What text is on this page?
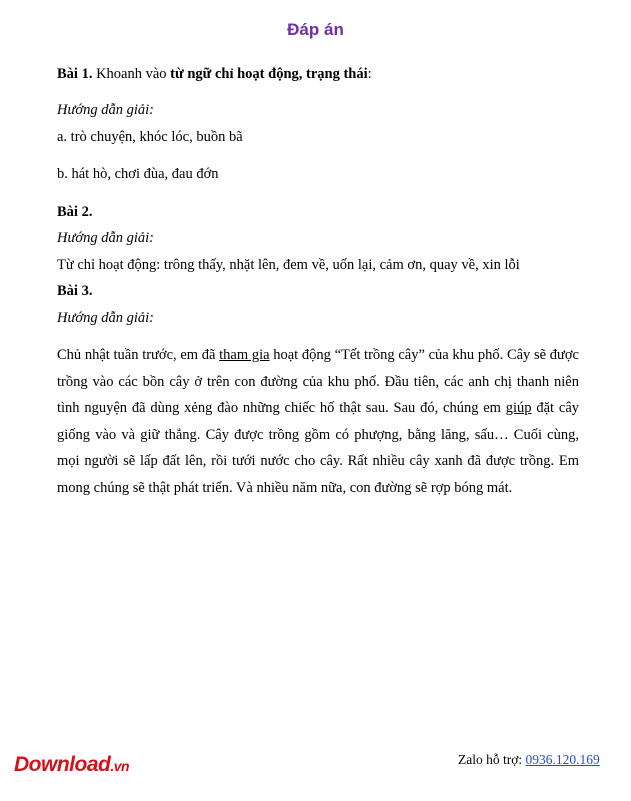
Đáp án
Bài 1. Khoanh vào từ ngữ chỉ hoạt động, trạng thái:
Hướng dẫn giải:
a. trò chuyện, khóc lóc, buồn bã
b. hát hò, chơi đùa, đau đớn
Bài 2.
Hướng dẫn giải:
Từ chỉ hoạt động: trông thấy, nhặt lên, đem về, uốn lại, cảm ơn, quay về, xin lỗi
Bài 3.
Hướng dẫn giải:
Chủ nhật tuần trước, em đã tham gia hoạt động “Tết trồng cây” của khu phố. Cây sẽ được trồng vào các bồn cây ở trên con đường của khu phố. Đầu tiên, các anh chị thanh niên tình nguyện đã dùng xẻng đào những chiếc hố thật sau. Sau đó, chúng em giúp đặt cây giống vào và giữ thẳng. Cây được trồng gồm có phượng, bằng lăng, sấu… Cuối cùng, mọi người sẽ lấp đất lên, rồi tưới nước cho cây. Rất nhiều cây xanh đã được trồng. Em mong chúng sẽ thật phát triển. Và nhiều năm nữa, con đường sẽ rợp bóng mát.
Download.vn	Zalo hỗ trợ: 0936.120.169
